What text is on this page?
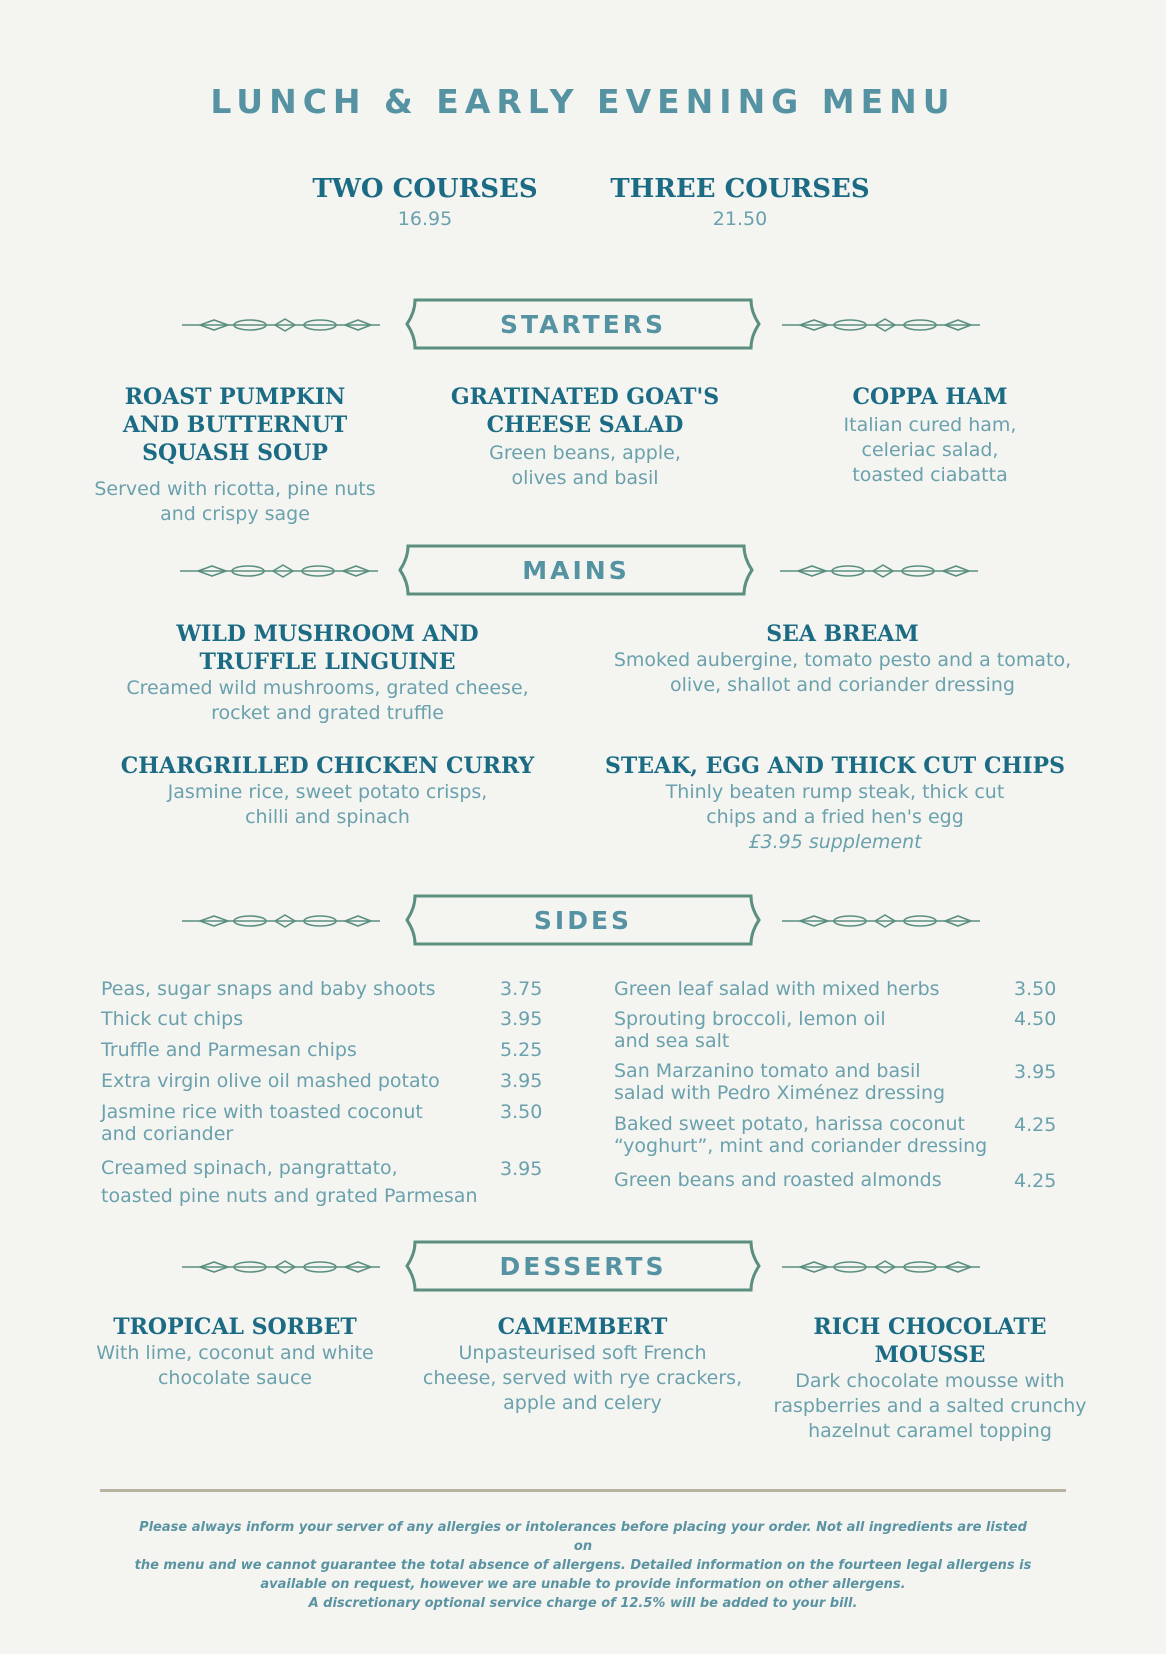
LUNCH & EARLY EVENING MENU
TWO COURSES
16.95
THREE COURSES
21.50
STARTERS
ROAST PUMPKIN
AND BUTTERNUT
SQUASH SOUP
Served with ricotta, pine nuts
and crispy sage
GRATINATED GOAT'S
CHEESE SALAD
Green beans, apple,
olives and basil
COPPA HAM
Italian cured ham,
celeriac salad,
toasted ciabatta
MAINS
WILD MUSHROOM AND
TRUFFLE LINGUINE
Creamed wild mushrooms, grated cheese,
rocket and grated truffle
SEA BREAM
Smoked aubergine, tomato pesto and a tomato,
olive, shallot and coriander dressing
CHARGRILLED CHICKEN CURRY
Jasmine rice, sweet potato crisps,
chilli and spinach
STEAK, EGG AND THICK CUT CHIPS
Thinly beaten rump steak, thick cut
chips and a fried hen's egg
£3.95 supplement
SIDES
Peas, sugar snaps and baby shoots	3.75
Thick cut chips	3.95
Truffle and Parmesan chips	5.25
Extra virgin olive oil mashed potato	3.95
Jasmine rice with toasted coconut
and coriander
3.50
Creamed spinach, pangrattato,
toasted pine nuts and grated Parmesan
3.95
Green leaf salad with mixed herbs	3.50
Sprouting broccoli, lemon oil
and sea salt
4.50
San Marzanino tomato and basil
salad with Pedro Ximénez dressing
3.95
Baked sweet potato, harissa coconut
“yoghurt”, mint and coriander dressing
4.25
Green beans and roasted almonds	4.25
DESSERTS
TROPICAL SORBET
With lime, coconut and white
chocolate sauce
CAMEMBERT
Unpasteurised soft French
cheese, served with rye crackers,
apple and celery
RICH CHOCOLATE
MOUSSE
Dark chocolate mousse with
raspberries and a salted crunchy
hazelnut caramel topping
Please always inform your server of any allergies or intolerances before placing your order. Not all ingredients are listed on
the menu and we cannot guarantee the total absence of allergens. Detailed information on the fourteen legal allergens is
available on request, however we are unable to provide information on other allergens.
A discretionary optional service charge of 12.5% will be added to your bill.
